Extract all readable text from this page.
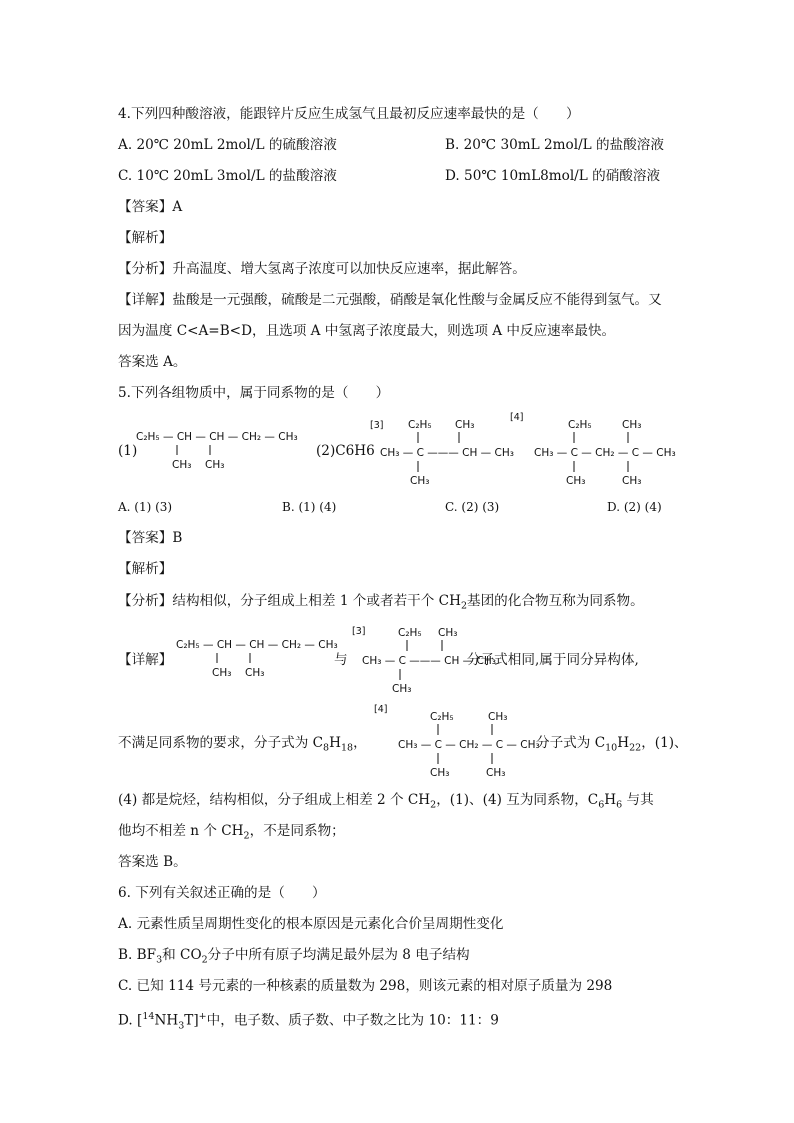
4.下列四种酸溶液，能跟锌片反应生成氢气且最初反应速率最快的是（　　）
A. 20℃ 20mL 2mol/L 的硫酸溶液	B. 20℃ 30mL 2mol/L 的盐酸溶液
C. 10℃ 20mL 3mol/L 的盐酸溶液	D. 50℃ 10mL8mol/L 的硝酸溶液
【答案】A
【解析】
【分析】升高温度、增大氢离子浓度可以加快反应速率，据此解答。
【详解】盐酸是一元强酸，硫酸是二元强酸，硝酸是氧化性酸与金属反应不能得到氢气。又
因为温度 C<A=B<D，且选项 A 中氢离子浓度最大，则选项 A 中反应速率最快。
答案选 A。
5.下列各组物质中，属于同系物的是（　　）
(1)
C₂H₅ — CH — CH — CH₂ — CH₃
CH₃ CH₃
(2)C6H6
[3] C₂H₅ CH₃
CH₃ — C ——— CH — CH₃
CH₃
[4]
C₂H₅	CH₃
CH₃ — C — CH₂ — C — CH₃
CH₃	CH₃
A. (1) (3)	B. (1) (4)	C. (2) (3)	D. (2) (4)
【答案】B
【解析】
【分析】结构相似，分子组成上相差 1 个或者若干个 $CH_2$基团的化合物互称为同系物。
【详解】
C₂H₅ — CH — CH — CH₂ — CH₃
CH₃ CH₃
与
[3]	C₂H₅ CH₃
CH₃ — C ——— CH — CH₃
CH₃
分子式相同,属于同分异构体,
不满足同系物的要求，分子式为 $C_8H_{18}$，
[4]
C₂H₅	CH₃
CH₃ — C — CH₂ — C — CH₃
CH₃	CH₃
分子式为 $C_{10}H_{22}$，(1)、
(4) 都是烷烃，结构相似，分子组成上相差 2 个 $CH_2$，(1)、(4) 互为同系物，$C_6H_6$ 与其
他均不相差 n 个 $CH_2$，不是同系物；
答案选 B。
6. 下列有关叙述正确的是（　　）
A. 元素性质呈周期性变化的根本原因是元素化合价呈周期性变化
B. $BF_3$和 $CO_2$分子中所有原子均满足最外层为 8 电子结构
C. 已知 114 号元素的一种核素的质量数为 298，则该元素的相对原子质量为 298
D. $[^{14}NH_3T]^+$中，电子数、质子数、中子数之比为 10：11：9
